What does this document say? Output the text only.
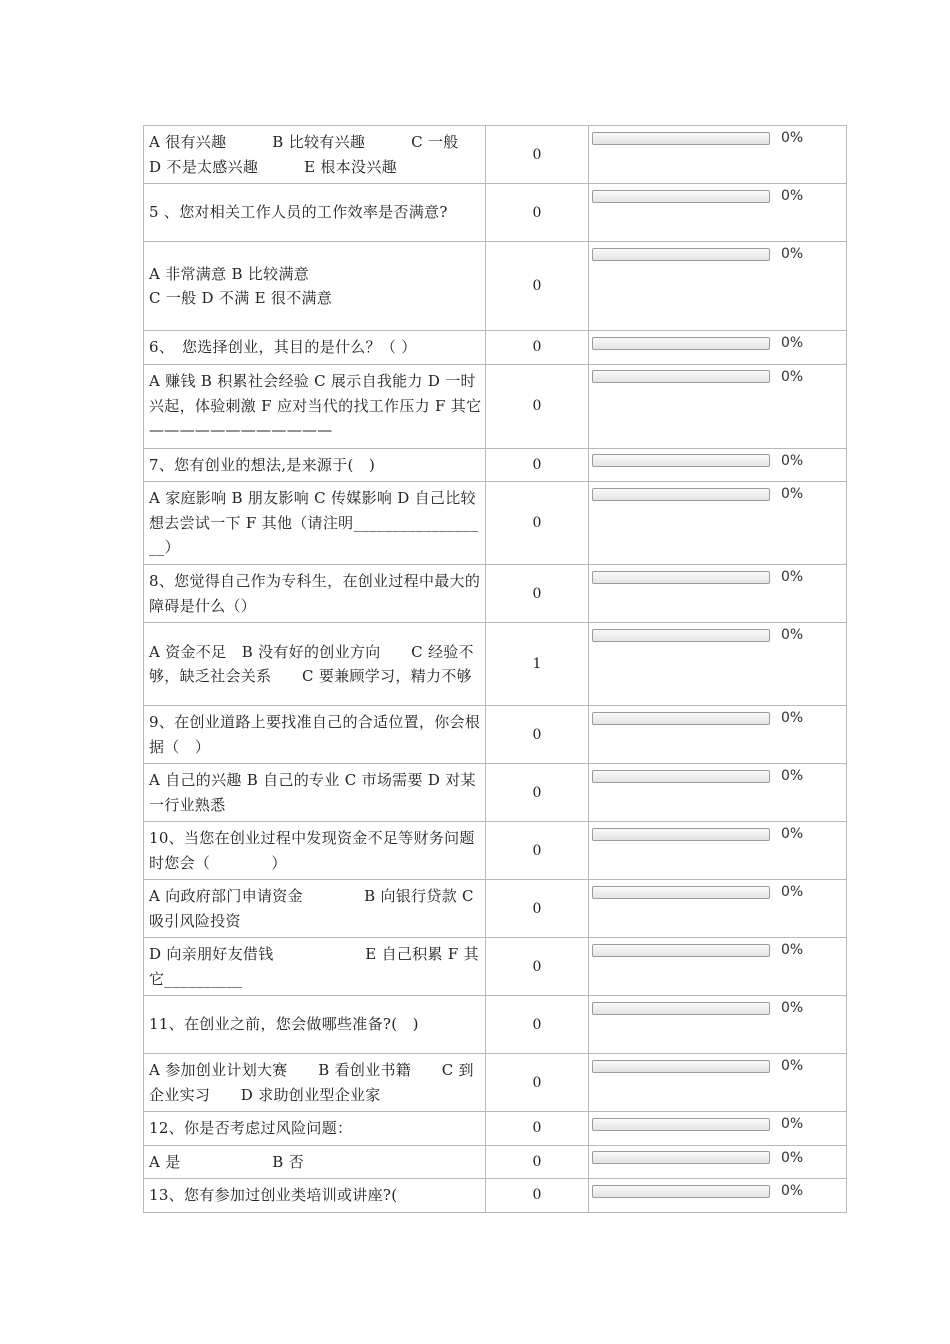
A 很有兴趣　　　B 比较有兴趣　　　C 一般
D 不是太感兴趣　　　E 根本没兴趣	0	0%

5 、您对相关工作人员的工作效率是否满意?	0	0%

A 非常满意 B 比较满意
C 一般 D 不满 E 很不满意	0	0%

6、　您选择创业，其目的是什么？（ ）	0	0%

A 赚钱 B 积累社会经验 C 展示自我能力 D 一时兴起，体验刺激 F 应对当代的找工作压力 F 其它————————————	0	0%

7、您有创业的想法,是来源于(　)	0	0%

A 家庭影响 B 朋友影响 C 传媒影响 D 自己比较想去尝试一下 F 其他（请注明__________________）	0	0%

8、您觉得自己作为专科生，在创业过程中最大的障碍是什么（）	0	0%

A 资金不足　B 没有好的创业方向　　C 经验不够，缺乏社会关系　　C 要兼顾学习，精力不够	1	0%

9、在创业道路上要找准自己的合适位置，你会根据（　）	0	0%

A 自己的兴趣 B 自己的专业 C 市场需要 D 对某一行业熟悉	0	0%

10、当您在创业过程中发现资金不足等财务问题时您会（　　　　）	0	0%

A 向政府部门申请资金　　　　B 向银行贷款 C 吸引风险投资	0	0%

D 向亲朋好友借钱　　　　　　E 自己积累 F 其它__________	0	0%

11、在创业之前，您会做哪些准备?(　)	0	0%

A 参加创业计划大赛　　B 看创业书籍　　C 到企业实习　　D 求助创业型企业家	0	0%

12、你是否考虑过风险问题：	0	0%

A 是　　　　　　B 否	0	0%

13、您有参加过创业类培训或讲座?(	0	0%
